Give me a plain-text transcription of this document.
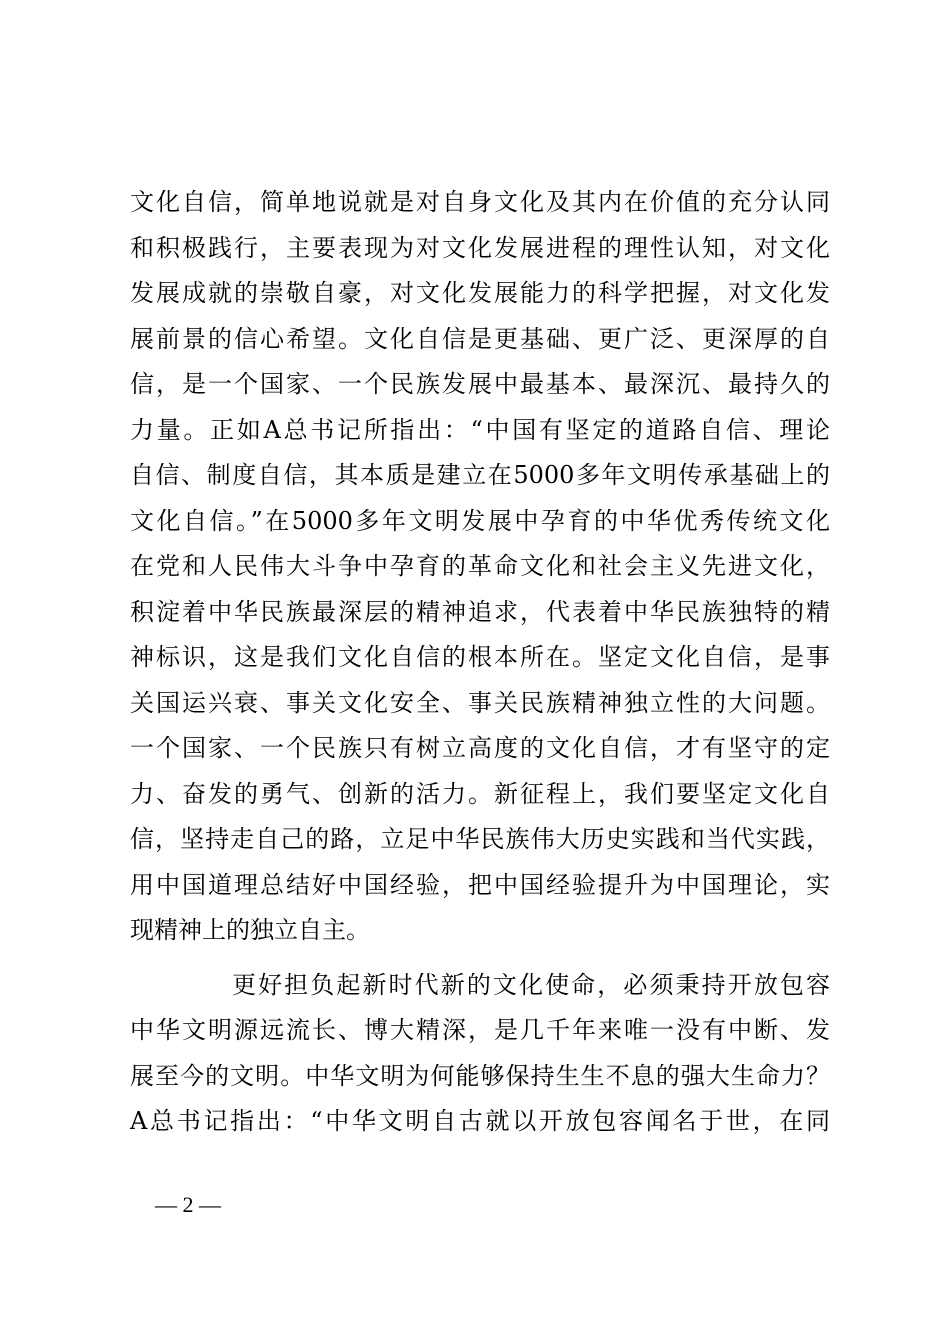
文化自信，简单地说就是对自身文化及其内在价值的充分认同
和积极践行，主要表现为对文化发展进程的理性认知，对文化
发展成就的崇敬自豪，对文化发展能力的科学把握，对文化发
展前景的信心希望。文化自信是更基础、更广泛、更深厚的自
信，是一个国家、一个民族发展中最基本、最深沉、最持久的
力量。正如A总书记所指出：“中国有坚定的道路自信、理论
自信、制度自信，其本质是建立在5000多年文明传承基础上的
文化自信。”在5000多年文明发展中孕育的中华优秀传统文化
在党和人民伟大斗争中孕育的革命文化和社会主义先进文化，
积淀着中华民族最深层的精神追求，代表着中华民族独特的精
神标识，这是我们文化自信的根本所在。坚定文化自信，是事
关国运兴衰、事关文化安全、事关民族精神独立性的大问题。
一个国家、一个民族只有树立高度的文化自信，才有坚守的定
力、奋发的勇气、创新的活力。新征程上，我们要坚定文化自
信，坚持走自己的路，立足中华民族伟大历史实践和当代实践，
用中国道理总结好中国经验，把中国经验提升为中国理论，实
现精神上的独立自主。
更好担负起新时代新的文化使命，必须秉持开放包容
中华文明源远流长、博大精深，是几千年来唯一没有中断、发
展至今的文明。中华文明为何能够保持生生不息的强大生命力？
A总书记指出：“中华文明自古就以开放包容闻名于世，在同
— 2 —
